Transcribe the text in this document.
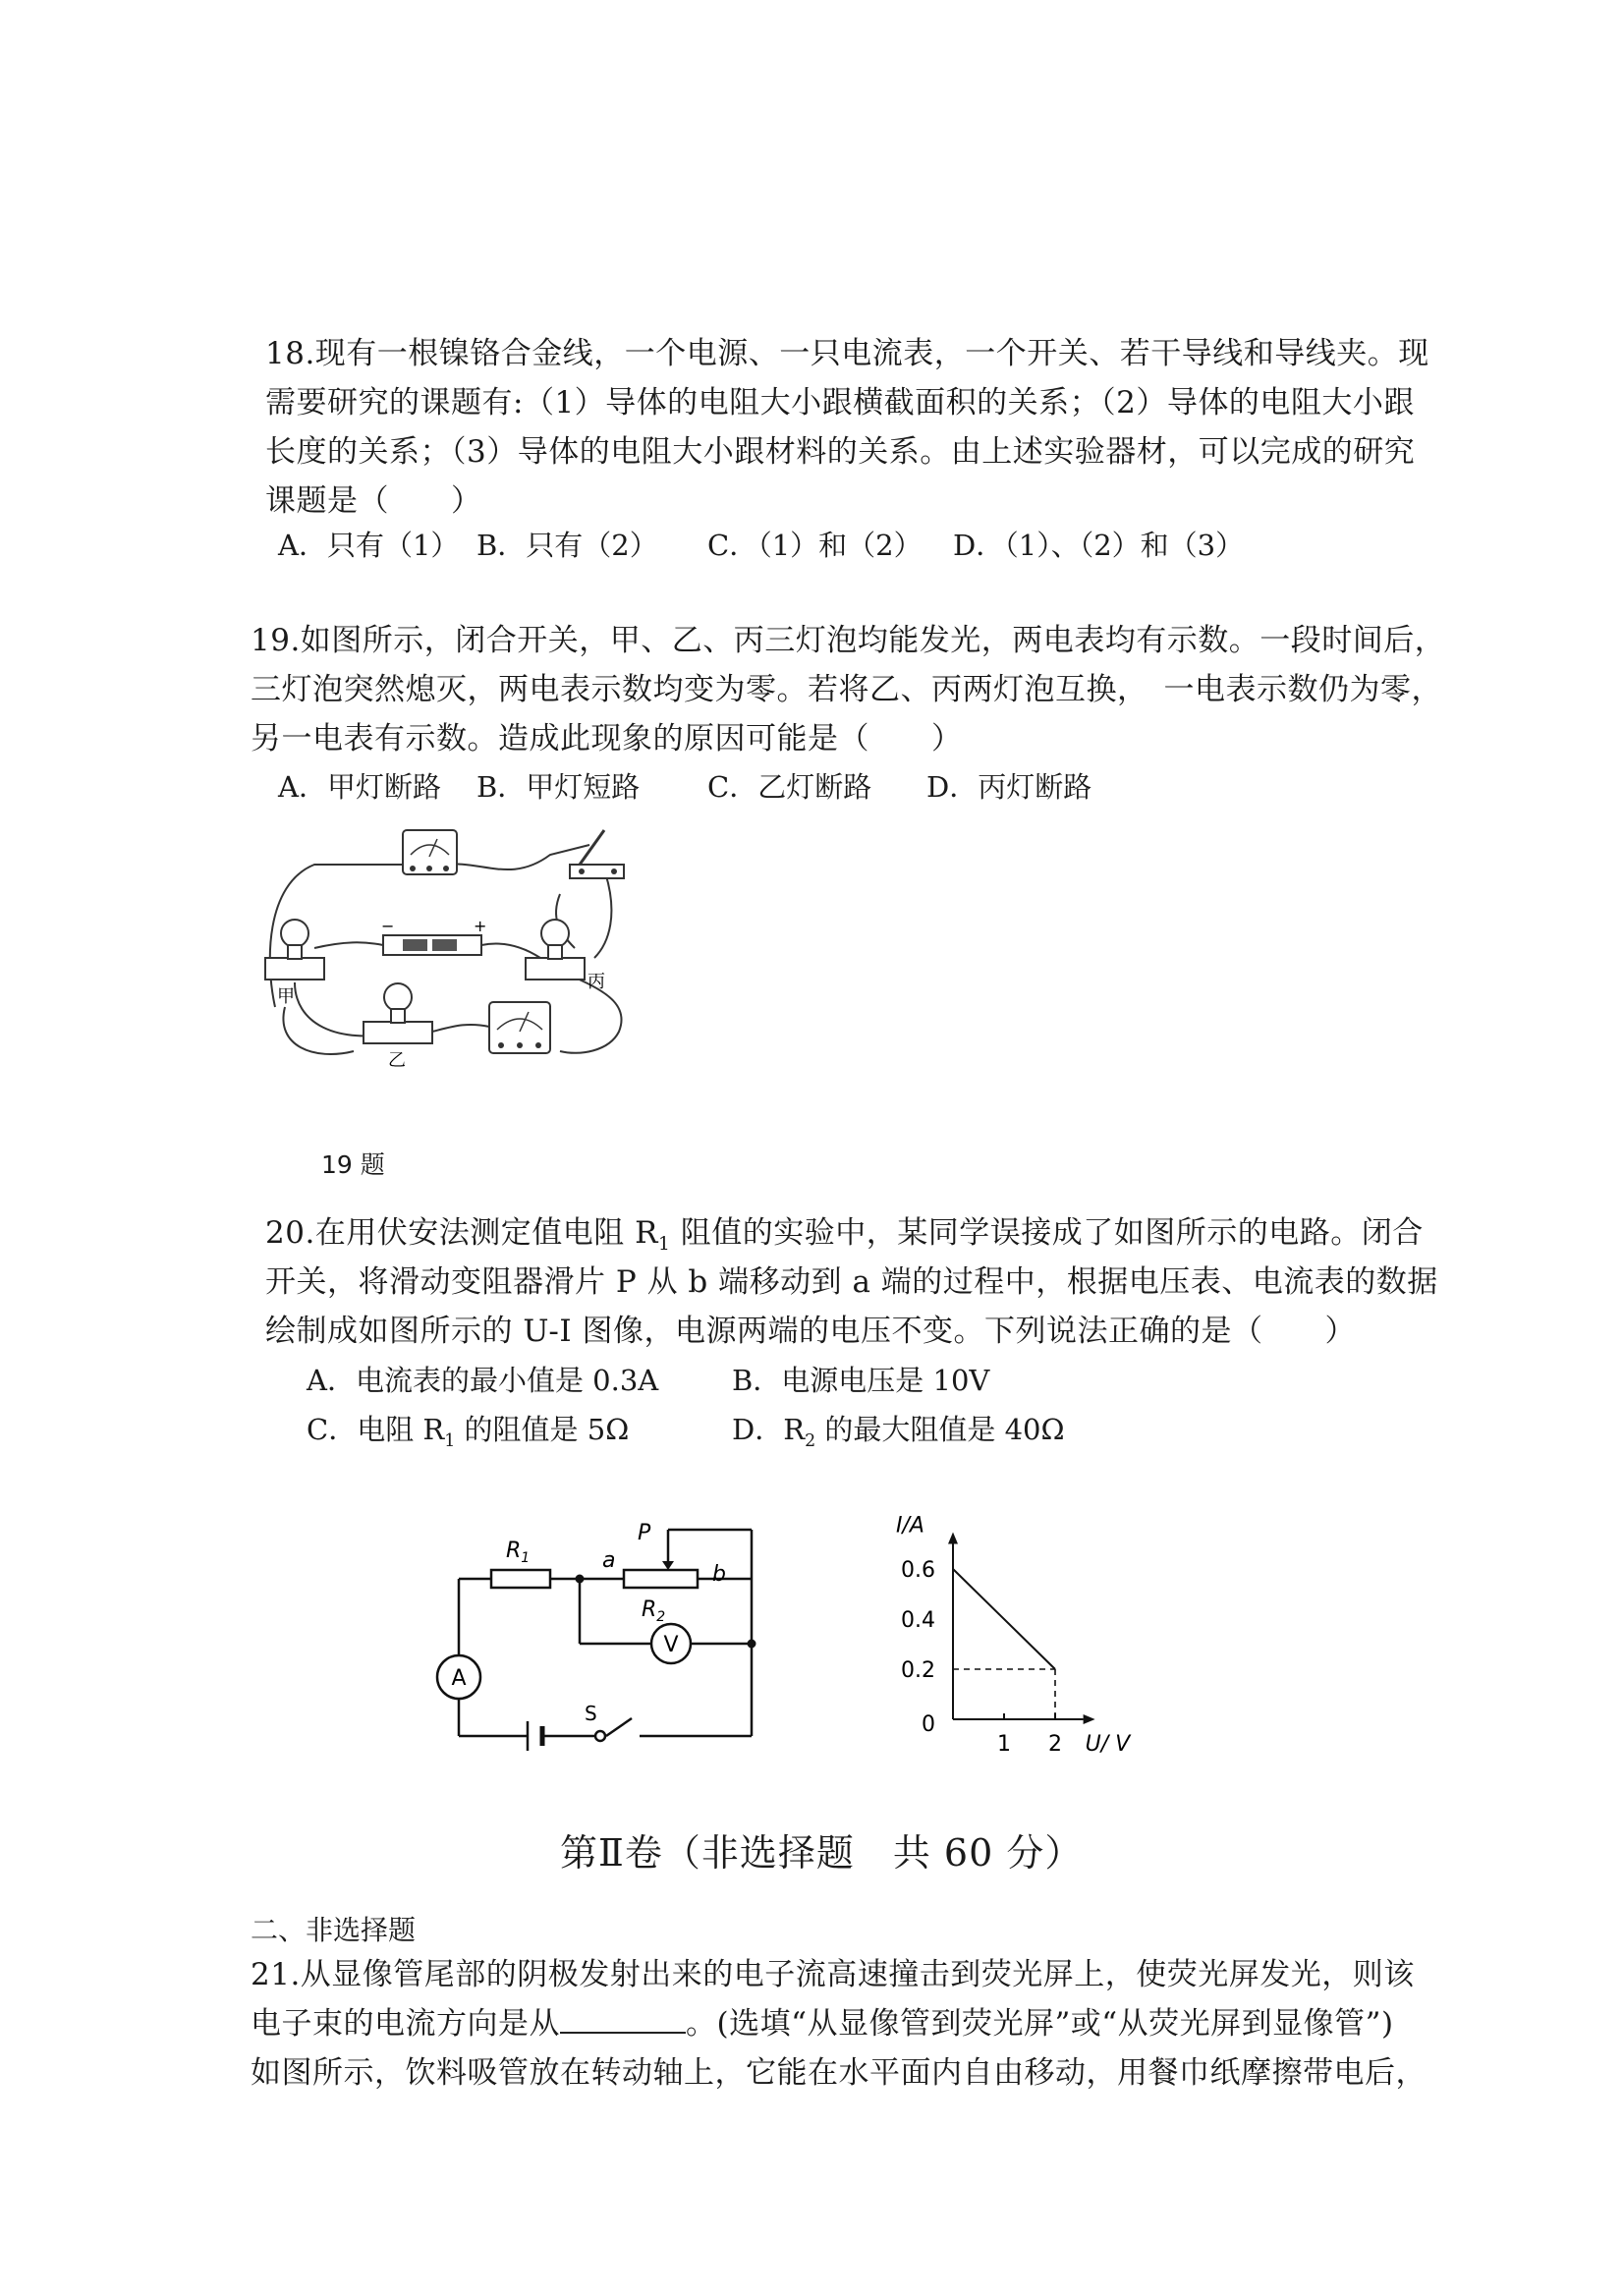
18.现有一根镍铬合金线，一个电源、一只电流表，一个开关、若干导线和导线夹。现
需要研究的课题有:（1）导体的电阻大小跟横截面积的关系；（2）导体的电阻大小跟
长度的关系；（3）导体的电阻大小跟材料的关系。由上述实验器材，可以完成的研究
课题是（　　）
A．只有（1） B．只有（2） C．（1）和（2） D．（1）、（2）和（3）
19.如图所示，闭合开关，甲、乙、丙三灯泡均能发光，两电表均有示数。一段时间后，
三灯泡突然熄灭，两电表示数均变为零。若将乙、丙两灯泡互换，　一电表示数仍为零，
另一电表有示数。造成此现象的原因可能是（　　）
A．甲灯断路 B．甲灯短路 C．乙灯断路 D．丙灯断路
−	+
甲
丙
乙
19 题
20.在用伏安法测定值电阻 $R_1$ 阻值的实验中，某同学误接成了如图所示的电路。闭合
开关，将滑动变阻器滑片 P 从 b 端移动到 a 端的过程中，根据电压表、电流表的数据
绘制成如图所示的 U-I 图像，电源两端的电压不变。下列说法正确的是（　　）
A．电流表的最小值是 0.3A	B．电源电压是 10V
C．电阻 $R_1$ 的阻值是 5Ω	D．$R_2$ 的最大阻值是 40Ω
A
V
$R_1$
$R_2$
a
b
P
S
1 2
0
0.2
0.4
0.6
U/ V
I/A
第Ⅱ卷（非选择题　共 60 分）
二、非选择题
21.从显像管尾部的阴极发射出来的电子流高速撞击到荧光屏上，使荧光屏发光，则该
电子束的电流方向是从	。(选填“从显像管到荧光屏”或“从荧光屏到显像管”)
如图所示，饮料吸管放在转动轴上，它能在水平面内自由移动，用餐巾纸摩擦带电后，
